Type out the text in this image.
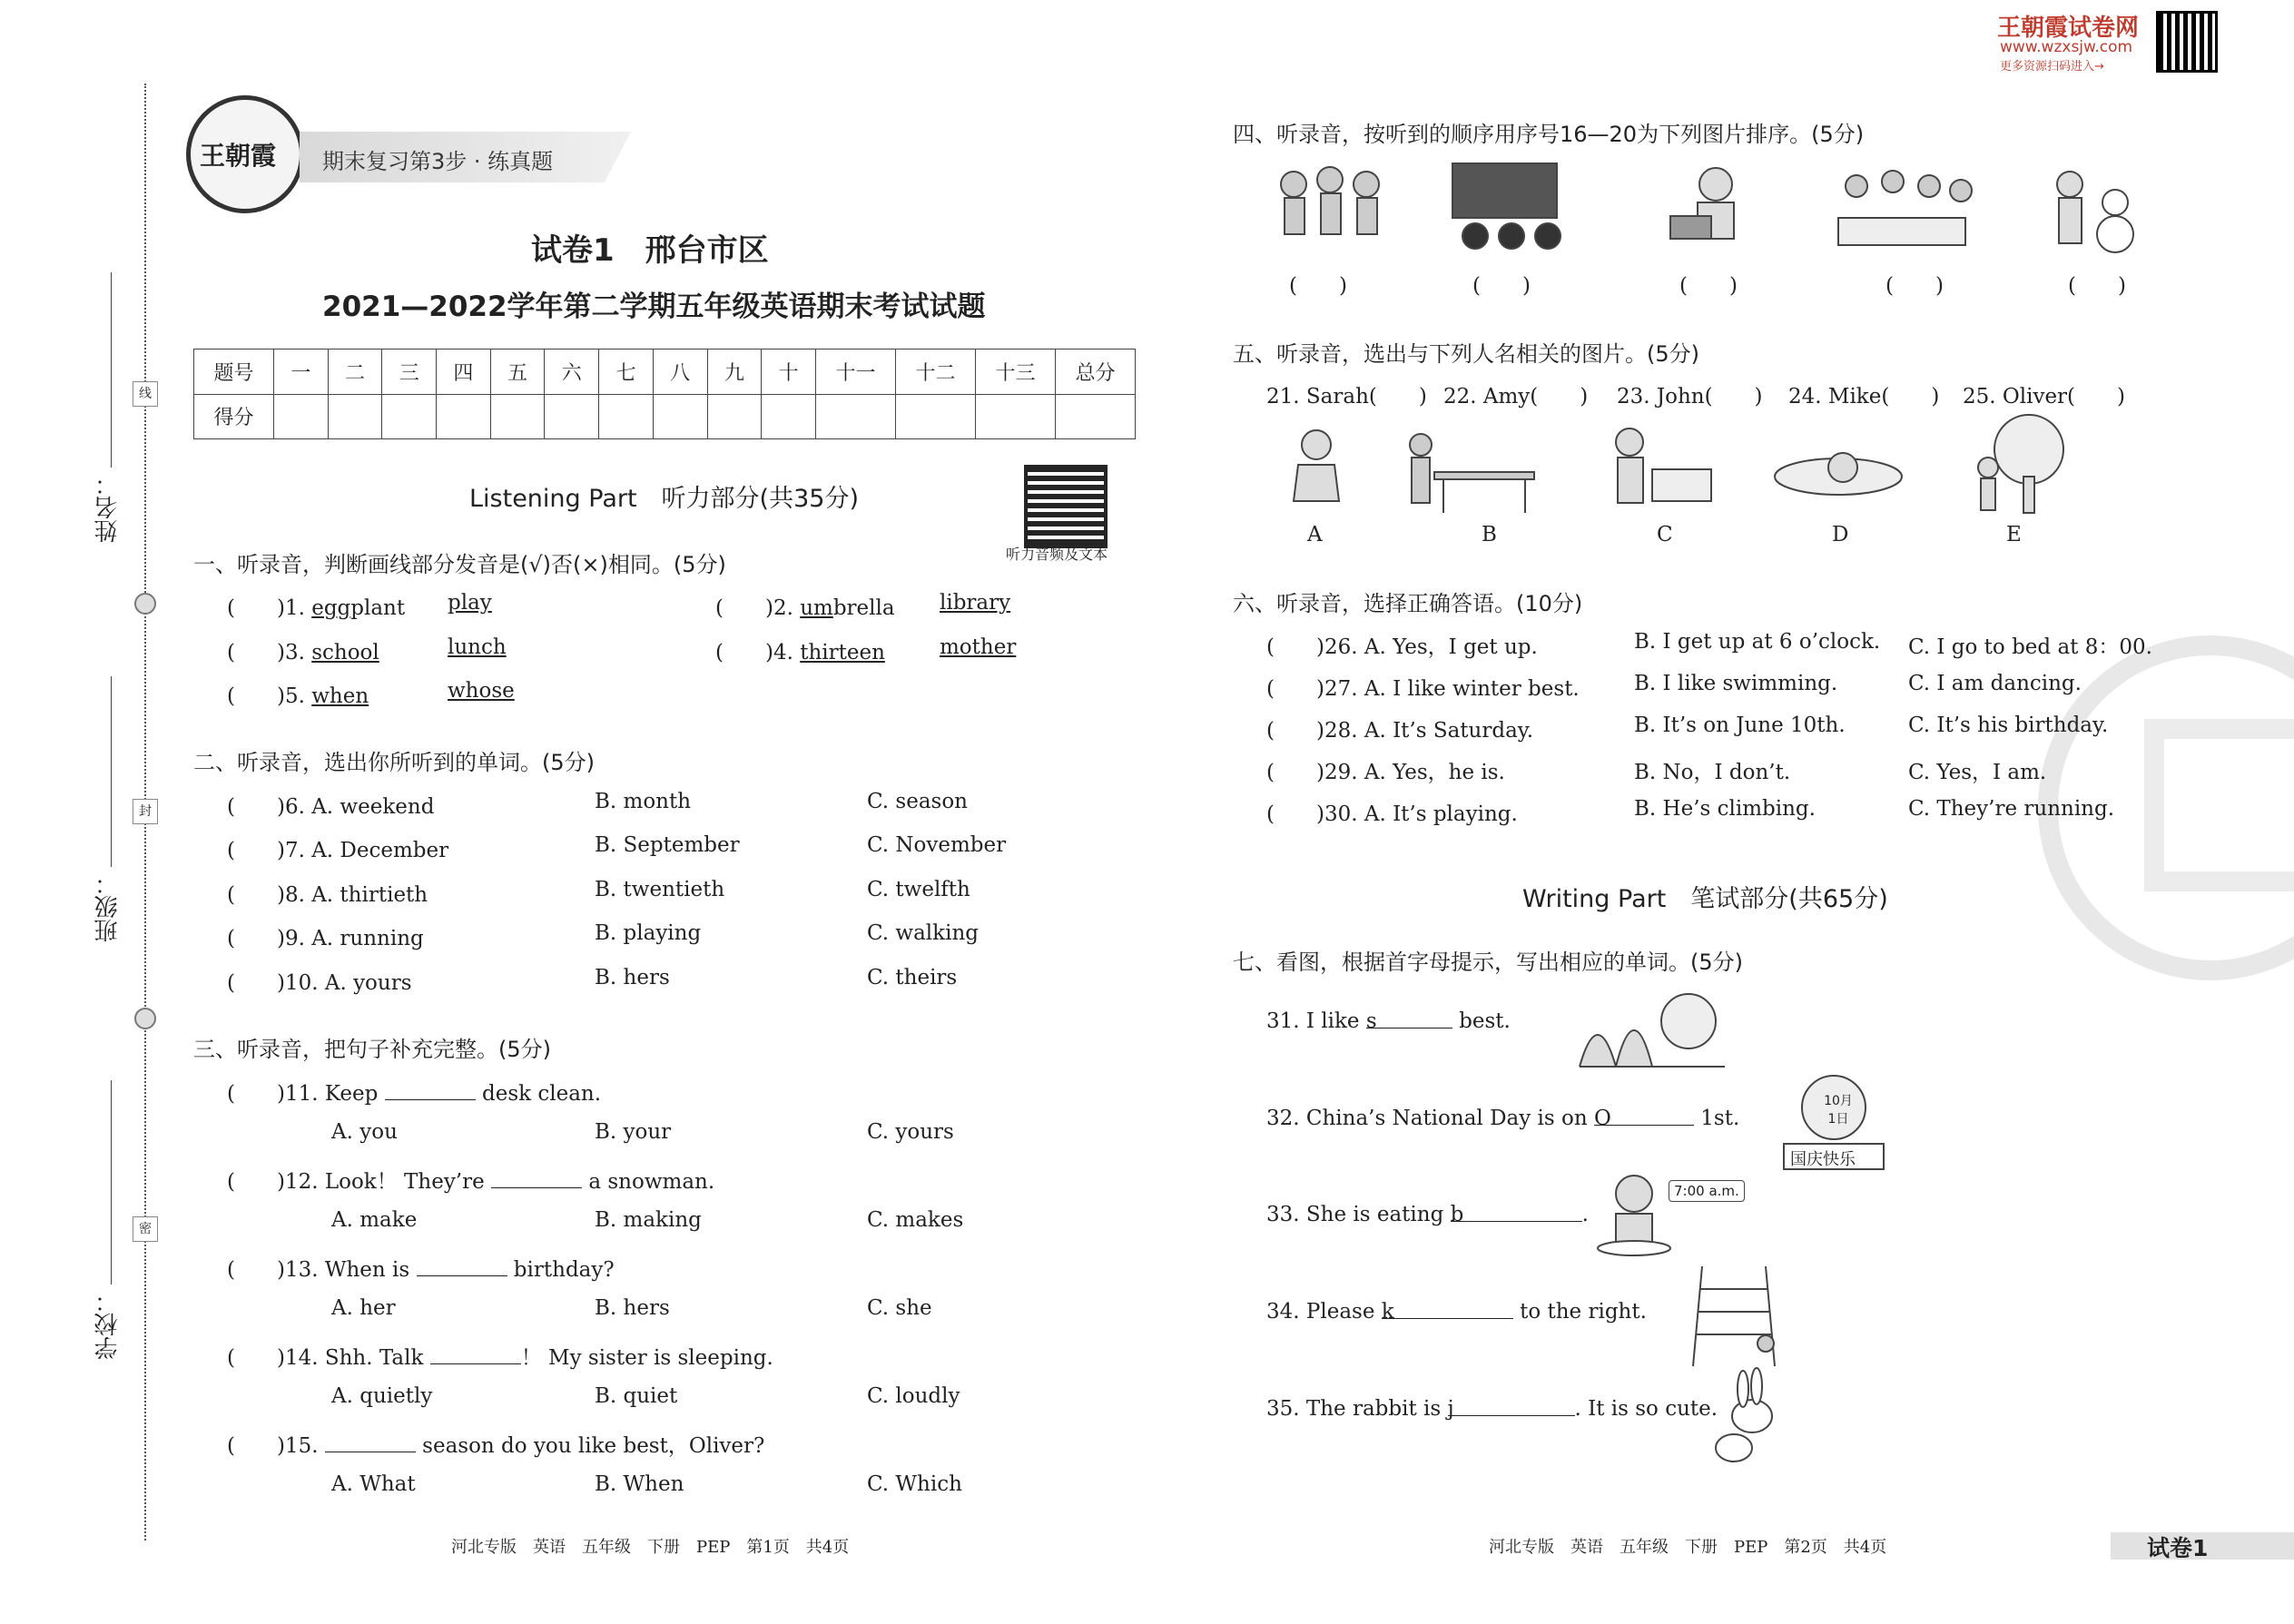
线
封
密
姓名：
班级：
学校：
王朝霞 期末复习第3步 · 练真题
试卷1　邢台市区
2021—2022学年第二学期五年级英语期末考试试题
题号	一	二	三	四	五	六	七	八	九	十	十一	十二	十三	总分
得分														
Listening Part　听力部分(共35分)
听力音频及文本
一、听录音，判断画线部分发音是(√)否(×)相同。(5分)
(　　)1. eggplant play	(　　)2. umbrella library
(　　)3. school	lunch	(　　)4. thirteen	mother
(　　)5. when	whose
二、听录音，选出你所听到的单词。(5分)
(　　)6. A. weekend	B. month	C. season
(　　)7. A. December	B. September	C. November
(　　)8. A. thirtieth	B. twentieth	C. twelfth
(　　)9. A. running	B. playing	C. walking
(　　)10. A. yours	B. hers	C. theirs
三、听录音，把句子补充完整。(5分)
(　　)11. Keep	desk clean.
A. you	B. your	C. yours
(　　)12. Look！ They’re	a snowman.
A. make	B. making	C. makes
(　　)13. When is	birthday?
A. her	B. hers	C. she
(　　)14. Shh. Talk	！ My sister is sleeping.
A. quietly	B. quiet	C. loudly
(　　)15.	season do you like best，Oliver?
A. What	B. When	C. Which
河北专版　英语　五年级　下册　PEP　第1页　共4页
王朝霞试卷网
www.wzxsjw.com
更多资源扫码进入→
四、听录音，按听到的顺序用序号16—20为下列图片排序。(5分)
(　　)	(　　)	(　　)	(　　)	(　　)
五、听录音，选出与下列人名相关的图片。(5分)
21. Sarah(　　) 22. Amy(　　) 23. John(　　) 24. Mike(　　) 25. Oliver(　　)
A	B	C	D	E
六、听录音，选择正确答语。(10分)
(　　)26. A. Yes，I get up.	B. I get up at 6 o’clock. C. I go to bed at 8：00.
(　　)27. A. I like winter best.	B. I like swimming.	C. I am dancing.
(　　)28. A. It’s Saturday.	B. It’s on June 10th.	C. It’s his birthday.
(　　)29. A. Yes，he is.	B. No，I don’t.	C. Yes，I am.
(　　)30. A. It’s playing.	B. He’s climbing.	C. They’re running.
Writing Part　笔试部分(共65分)
七、看图，根据首字母提示，写出相应的单词。(5分)
31. I like s	best.
32. China’s National Day is on O	1st.
10月 1日
国庆快乐
33. She is eating b	.
7:00 a.m.
34. Please k	to the right.
35. The rabbit is j	. It is so cute.
河北专版　英语　五年级　下册　PEP　第2页　共4页	试卷1
